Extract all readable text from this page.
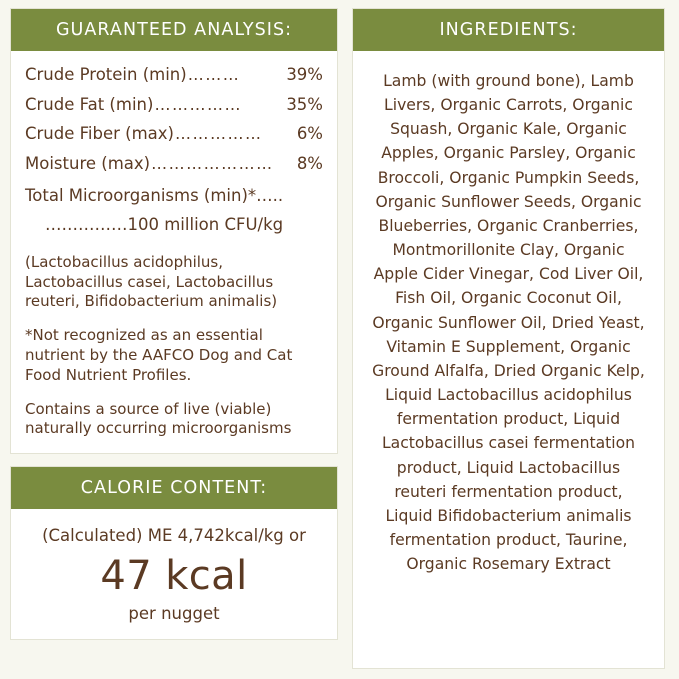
GUARANTEED ANALYSIS:
Crude Protein (min) ………	39%
Crude Fat (min) ……………	35%
Crude Fiber (max) ……………	6%
Moisture (max) …………………	8%
Total Microorganisms (min)*…..
……………100 million CFU/kg
(Lactobacillus acidophilus, Lactobacillus casei, Lactobacillus reuteri, Bifidobacterium animalis)
*Not recognized as an essential nutrient by the AAFCO Dog and Cat Food Nutrient Profiles.
Contains a source of live (viable) naturally occurring microorganisms
CALORIE CONTENT:
(Calculated) ME 4,742kcal/kg or
47 kcal
per nugget
INGREDIENTS:
Lamb (with ground bone), Lamb Livers, Organic Carrots, Organic Squash, Organic Kale, Organic Apples, Organic Parsley, Organic Broccoli, Organic Pumpkin Seeds, Organic Sunflower Seeds, Organic Blueberries, Organic Cranberries, Montmorillonite Clay, Organic Apple Cider Vinegar, Cod Liver Oil, Fish Oil, Organic Coconut Oil, Organic Sunflower Oil, Dried Yeast, Vitamin E Supplement, Organic Ground Alfalfa, Dried Organic Kelp, Liquid Lactobacillus acidophilus fermentation product, Liquid Lactobacillus casei fermentation product, Liquid Lactobacillus reuteri fermentation product, Liquid Bifidobacterium animalis fermentation product, Taurine, Organic Rosemary Extract
